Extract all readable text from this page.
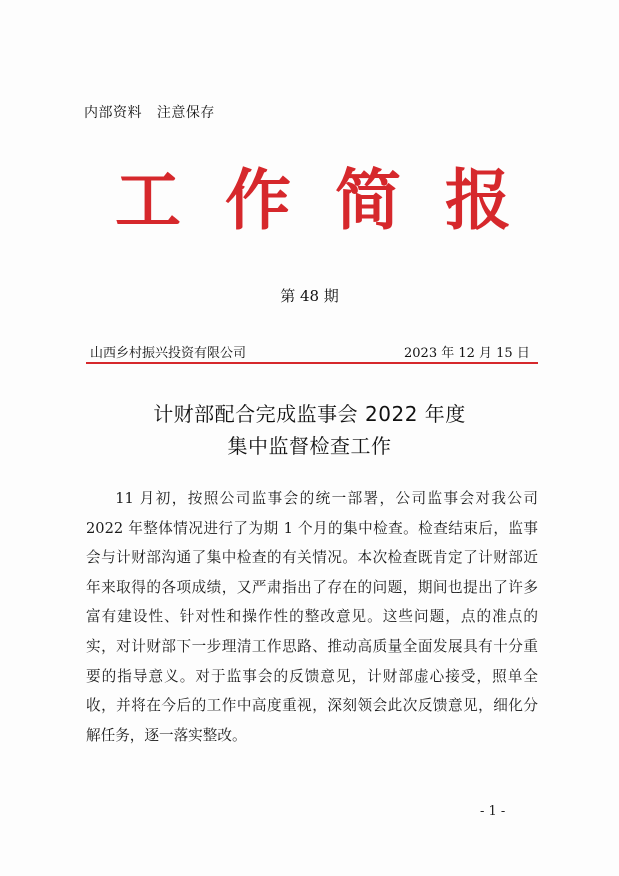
内部资料   注意保存
工 作 简 报
第 48 期
山西乡村振兴投资有限公司	2023 年 12 月 15 日
计财部配合完成监事会 2022 年度
集中监督检查工作
11 月初，按照公司监事会的统一部署，公司监事会对我公司 2022 年整体情况进行了为期 1 个月的集中检查。检查结束后，监事会与计财部沟通了集中检查的有关情况。本次检查既肯定了计财部近年来取得的各项成绩，又严肃指出了存在的问题，期间也提出了许多富有建设性、针对性和操作性的整改意见。这些问题，点的准点的实，对计财部下一步理清工作思路、推动高质量全面发展具有十分重要的指导意义。对于监事会的反馈意见，计财部虚心接受，照单全收，并将在今后的工作中高度重视，深刻领会此次反馈意见，细化分解任务，逐一落实整改。
- 1 -
